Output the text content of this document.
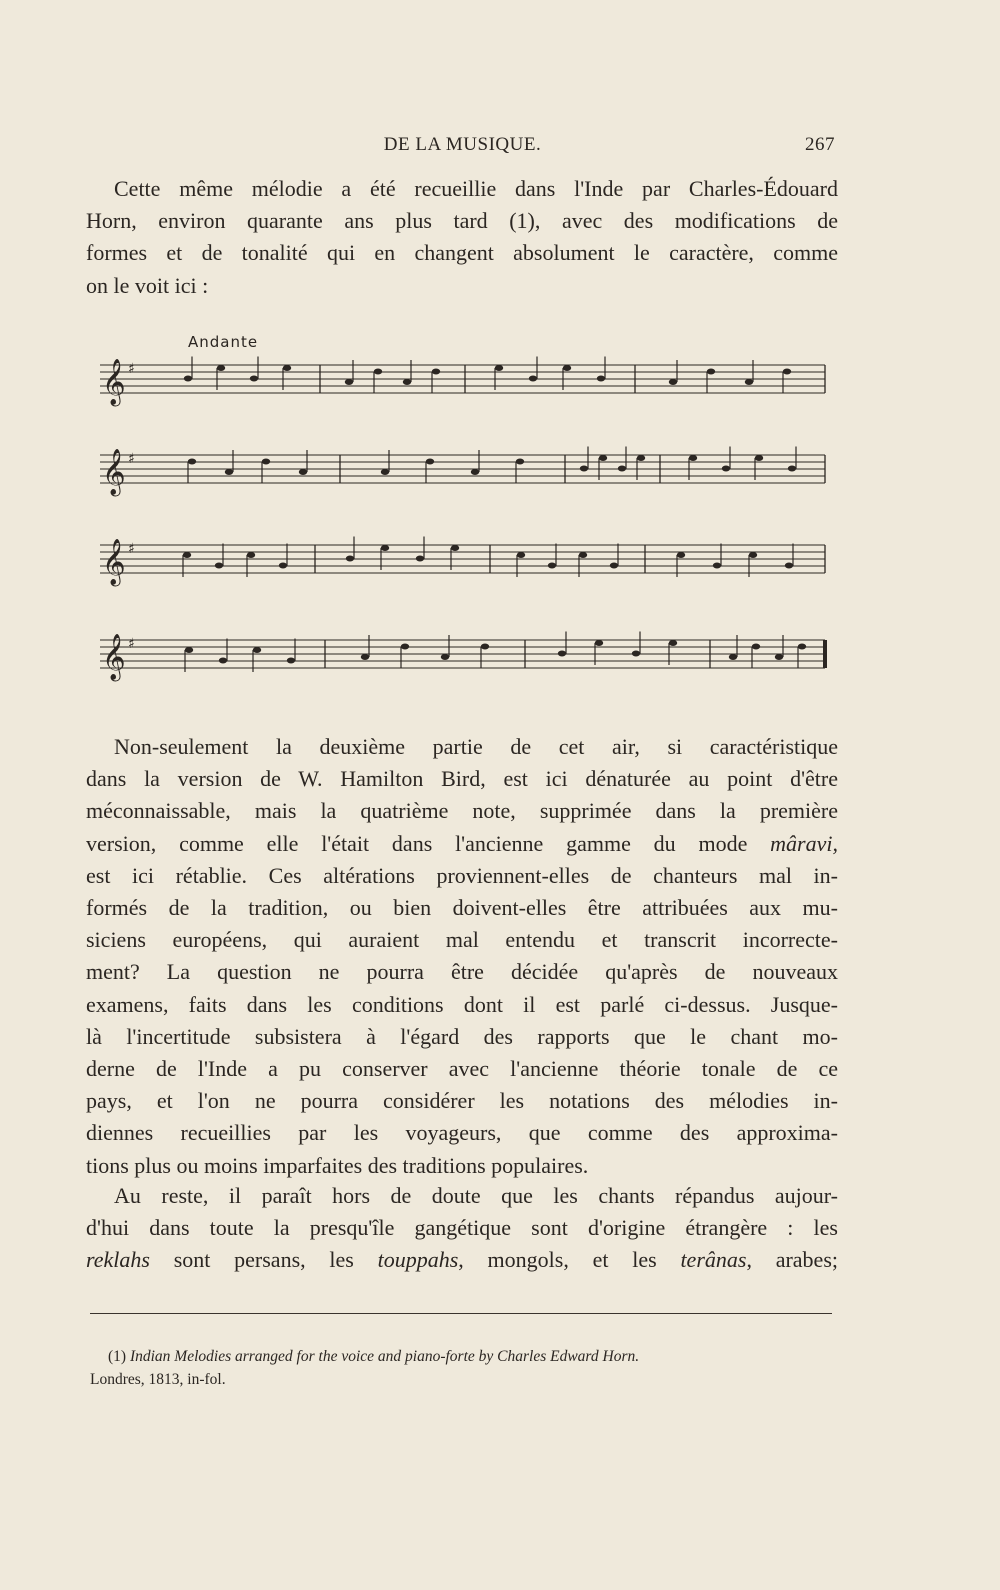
DE LA MUSIQUE.	267

Cette même mélodie a été recueillie dans l'Inde par Charles-Édouard
Horn, environ quarante ans plus tard (1), avec des modifications de
formes et de tonalité qui en changent absolument le caractère, comme
on le voit ici :

Andante
𝄞 ♯
𝄞 ♯
𝄞 ♯
𝄞 ♯

Non-seulement la deuxième partie de cet air, si caractéristique
dans la version de W. Hamilton Bird, est ici dénaturée au point d'être
méconnaissable, mais la quatrième note, supprimée dans la première
version, comme elle l'était dans l'ancienne gamme du mode mâravi,
est ici rétablie. Ces altérations proviennent-elles de chanteurs mal in-
formés de la tradition, ou bien doivent-elles être attribuées aux mu-
siciens européens, qui auraient mal entendu et transcrit incorrecte-
ment? La question ne pourra être décidée qu'après de nouveaux
examens, faits dans les conditions dont il est parlé ci-dessus. Jusque-
là l'incertitude subsistera à l'égard des rapports que le chant mo-
derne de l'Inde a pu conserver avec l'ancienne théorie tonale de ce
pays, et l'on ne pourra considérer les notations des mélodies in-
diennes recueillies par les voyageurs, que comme des approxima-
tions plus ou moins imparfaites des traditions populaires.

Au reste, il paraît hors de doute que les chants répandus aujour-
d'hui dans toute la presqu'île gangétique sont d'origine étrangère : les
reklahs sont persans, les touppahs, mongols, et les terânas, arabes;

(1) Indian Melodies arranged for the voice and piano-forte by Charles Edward Horn.
Londres, 1813, in-fol.
